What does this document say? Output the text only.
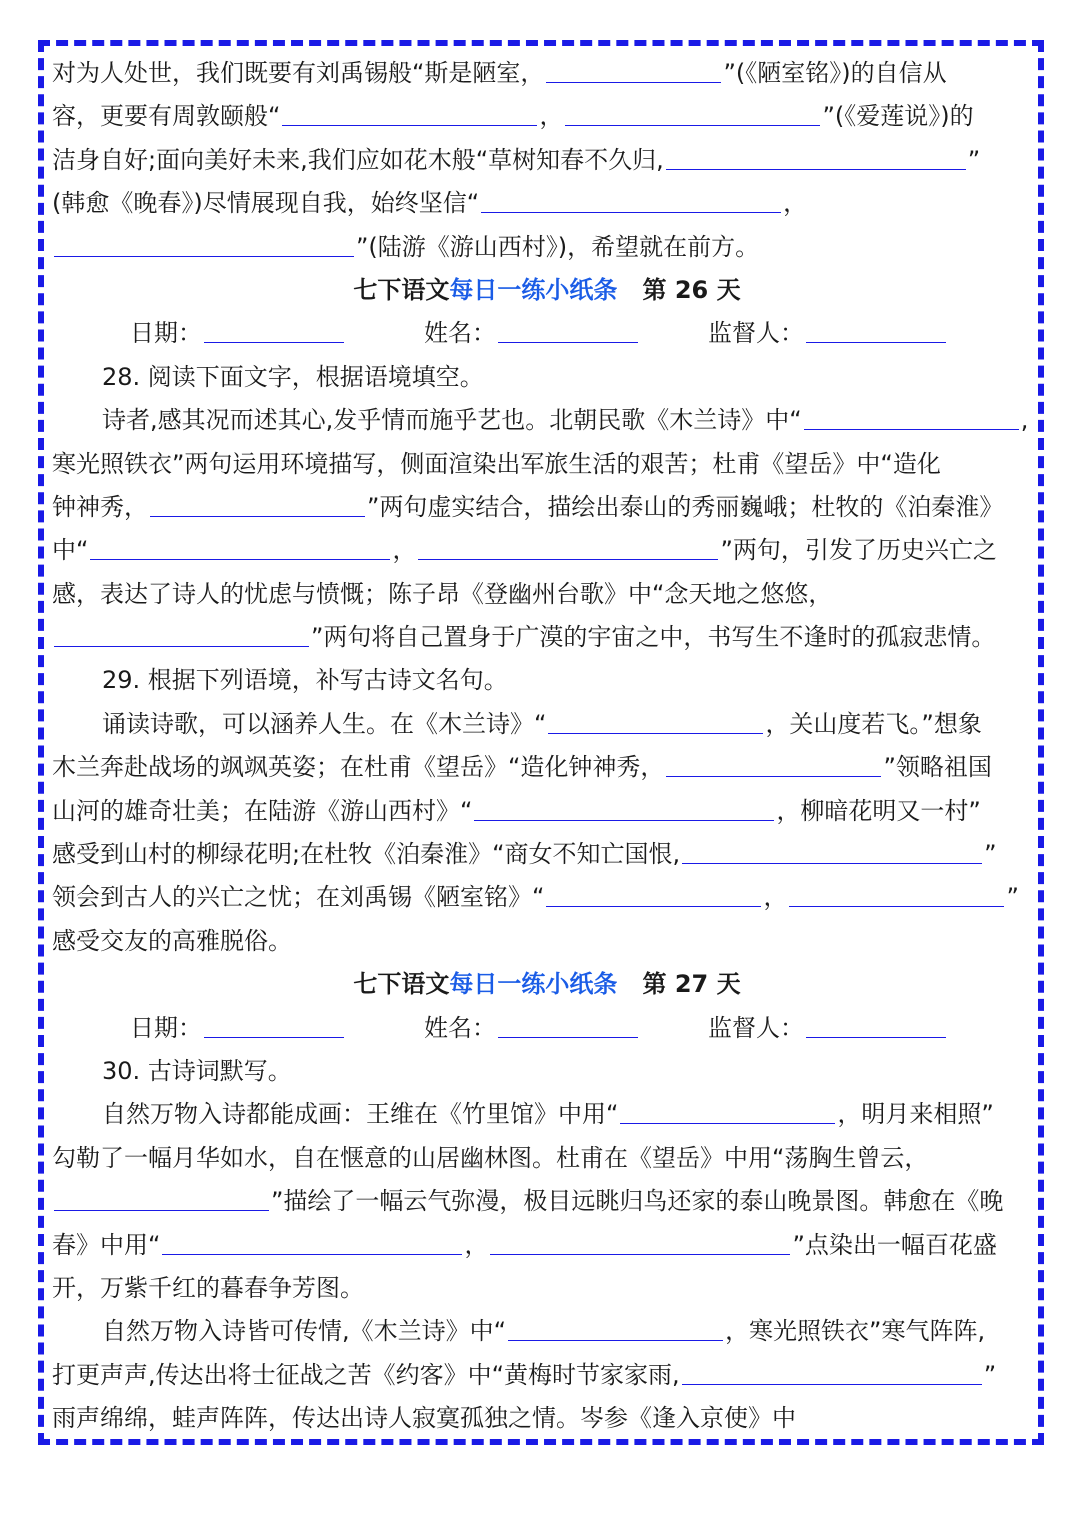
对为人处世，我们既要有刘禹锡般“斯是陋室，	”(《陋室铭》)的自信从
容，更要有周敦颐般“	，	”(《爱莲说》)的
洁身自好;面向美好未来,我们应如花木般“草树知春不久归,	”
(韩愈《晚春》)尽情展现自我，始终坚信“	，
”(陆游《游山西村》)，希望就在前方。
七下语文每日一练小纸条 第 26 天
日期：	姓名：	监督人：
28. 阅读下面文字，根据语境填空。
诗者,感其况而述其心,发乎情而施乎艺也。北朝民歌《木兰诗》中“	,
寒光照铁衣”两句运用环境描写，侧面渲染出军旅生活的艰苦；杜甫《望岳》中“造化
钟神秀，	”两句虚实结合，描绘出泰山的秀丽巍峨；杜牧的《泊秦淮》
中“	，	”两句，引发了历史兴亡之
感，表达了诗人的忧虑与愤慨；陈子昂《登幽州台歌》中“念天地之悠悠，
”两句将自己置身于广漠的宇宙之中，书写生不逢时的孤寂悲情。
29. 根据下列语境，补写古诗文名句。
诵读诗歌，可以涵养人生。在《木兰诗》“	，关山度若飞。”想象
木兰奔赴战场的飒飒英姿；在杜甫《望岳》“造化钟神秀，	”领略祖国
山河的雄奇壮美；在陆游《游山西村》“	，柳暗花明又一村”
感受到山村的柳绿花明;在杜牧《泊秦淮》“商女不知亡国恨,	”
领会到古人的兴亡之忧；在刘禹锡《陋室铭》“	，	”
感受交友的高雅脱俗。
七下语文每日一练小纸条 第 27 天
日期：	姓名：	监督人：
30. 古诗词默写。
自然万物入诗都能成画：王维在《竹里馆》中用“	，明月来相照”
勾勒了一幅月华如水，自在惬意的山居幽林图。杜甫在《望岳》中用“荡胸生曾云，
”描绘了一幅云气弥漫，极目远眺归鸟还家的泰山晚景图。韩愈在《晚
春》中用“	，	”点染出一幅百花盛
开，万紫千红的暮春争芳图。
自然万物入诗皆可传情,《木兰诗》中“	，寒光照铁衣”寒气阵阵,
打更声声,传达出将士征战之苦《约客》中“黄梅时节家家雨,	”
雨声绵绵，蛙声阵阵，传达出诗人寂寞孤独之情。岑参《逢入京使》中
